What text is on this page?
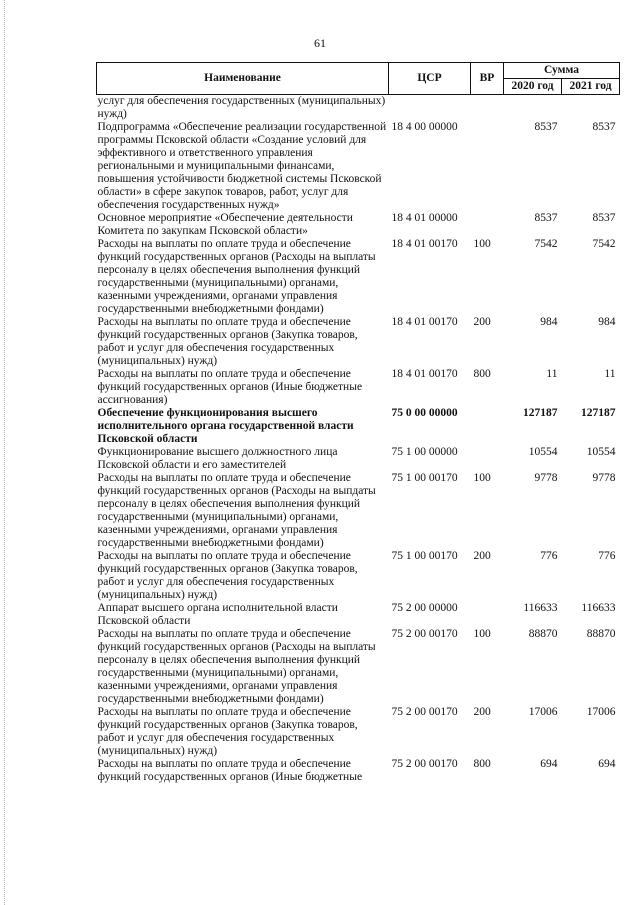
61
Наименование	ЦСР	ВР	Сумма	
			2020 год	2021 год
услуг для обеспечения государственных (муниципальных) нужд)				
Подпрограмма «Обеспечение реализации государственной программы Псковской области «Создание условий для эффективного и ответственного управления региональными и муниципальными финансами, повышения устойчивости бюджетной системы Псковской области» в сфере закупок товаров, работ, услуг для обеспечения государственных нужд»	18 4 00 00000		8537	8537
Основное мероприятие «Обеспечение деятельности Комитета по закупкам Псковской области»	18 4 01 00000		8537	8537
Расходы на выплаты по оплате труда и обеспечение функций государственных органов (Расходы на выплаты персоналу в целях обеспечения выполнения функций государственными (муниципальными) органами, казенными учреждениями, органами управления государственными внебюджетными фондами)	18 4 01 00170	100	7542	7542
Расходы на выплаты по оплате труда и обеспечение функций государственных органов (Закупка товаров, работ и услуг для обеспечения государственных (муниципальных) нужд)	18 4 01 00170	200	984	984
Расходы на выплаты по оплате труда и обеспечение функций государственных органов (Иные бюджетные ассигнования)	18 4 01 00170	800	11	11
Обеспечение функционирования высшего исполнительного органа государственной власти Псковской области	75 0 00 00000		127187	127187
Функционирование высшего должностного лица Псковской области и его заместителей	75 1 00 00000		10554	10554
Расходы на выплаты по оплате труда и обеспечение функций государственных органов (Расходы на выпдаты персоналу в целях обеспечения выполнения функций государственными (муниципальными) органами, казенными учреждениями, органами управления государственными внебюджетными фондами)	75 1 00 00170	100	9778	9778
Расходы на выплаты по оплате труда и обеспечение функций государственных органов (Закупка товаров, работ и услуг для обеспечения государственных (муниципальных) нужд)	75 1 00 00170	200	776	776
Аппарат высшего органа исполнительной власти Псковской области	75 2 00 00000		116633	116633
Расходы на выплаты по оплате труда и обеспечение функций государственных органов (Расходы на выплаты персоналу в целях обеспечения выполнения функций государственными (муниципальными) органами, казенными учреждениями, органами управления государственными внебюджетными фондами)	75 2 00 00170	100	88870	88870
Расходы на выплаты по оплате труда и обеспечение функций государственных органов (Закупка товаров, работ и услуг для обеспечения государственных (муниципальных) нужд)	75 2 00 00170	200	17006	17006
Расходы на выплаты по оплате труда и обеспечение функций государственных органов (Иные бюджетные	75 2 00 00170	800	694	694
